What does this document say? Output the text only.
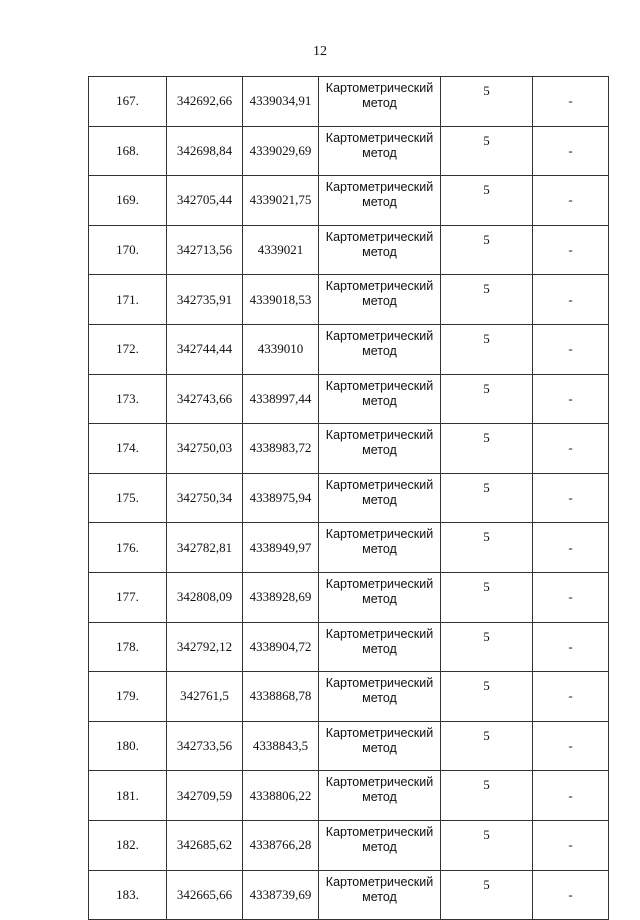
12
167.	342692,66	4339034,91	Картометрический метод	5	-
168.	342698,84	4339029,69	Картометрический метод	5	-
169.	342705,44	4339021,75	Картометрический метод	5	-
170.	342713,56	4339021	Картометрический метод	5	-
171.	342735,91	4339018,53	Картометрический метод	5	-
172.	342744,44	4339010	Картометрический метод	5	-
173.	342743,66	4338997,44	Картометрический метод	5	-
174.	342750,03	4338983,72	Картометрический метод	5	-
175.	342750,34	4338975,94	Картометрический метод	5	-
176.	342782,81	4338949,97	Картометрический метод	5	-
177.	342808,09	4338928,69	Картометрический метод	5	-
178.	342792,12	4338904,72	Картометрический метод	5	-
179.	342761,5	4338868,78	Картометрический метод	5	-
180.	342733,56	4338843,5	Картометрический метод	5	-
181.	342709,59	4338806,22	Картометрический метод	5	-
182.	342685,62	4338766,28	Картометрический метод	5	-
183.	342665,66	4338739,69	Картометрический метод	5	-
